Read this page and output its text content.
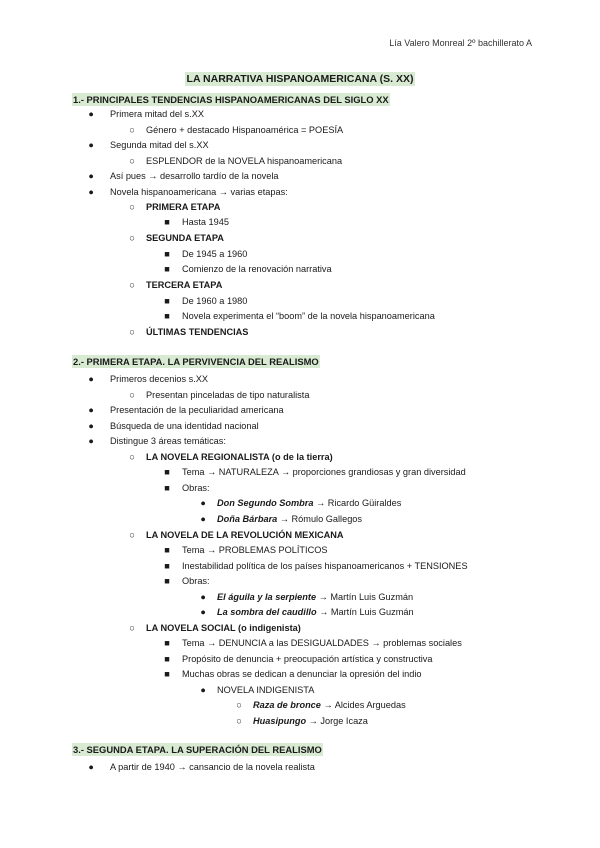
Lía Valero Monreal 2º bachillerato A
LA NARRATIVA HISPANOAMERICANA (S. XX)
1.- PRINCIPALES TENDENCIAS HISPANOAMERICANAS DEL SIGLO XX
● Primera mitad del s.XX
○ Género + destacado Hispanoamérica = POESÍA
● Segunda mitad del s.XX
○ ESPLENDOR de la NOVELA hispanoamericana
● Así pues → desarrollo tardío de la novela
● Novela hispanoamericana → varias etapas:
○ PRIMERA ETAPA
■ Hasta 1945
○ SEGUNDA ETAPA
■ De 1945 a 1960
■ Comienzo de la renovación narrativa
○ TERCERA ETAPA
■ De 1960 a 1980
■ Novela experimenta el “boom” de la novela hispanoamericana
○ ÚLTIMAS TENDENCIAS
2.- PRIMERA ETAPA. LA PERVIVENCIA DEL REALISMO
● Primeros decenios s.XX
○ Presentan pinceladas de tipo naturalista
● Presentación de la peculiaridad americana
● Búsqueda de una identidad nacional
● Distingue 3 áreas temáticas:
○ LA NOVELA REGIONALISTA (o de la tierra)
■ Tema → NATURALEZA → proporciones grandiosas y gran diversidad
■ Obras:
● Don Segundo Sombra → Ricardo Güiraldes
● Doña Bárbara → Rómulo Gallegos
○ LA NOVELA DE LA REVOLUCIÓN MEXICANA
■ Tema → PROBLEMAS POLÍTICOS
■ Inestabilidad política de los países hispanoamericanos + TENSIONES
■ Obras:
● El águila y la serpiente → Martín Luis Guzmán
● La sombra del caudillo → Martín Luis Guzmán
○ LA NOVELA SOCIAL (o indigenista)
■ Tema → DENUNCIA a las DESIGUALDADES → problemas sociales
■ Propósito de denuncia + preocupación artística y constructiva
■ Muchas obras se dedican a denunciar la opresión del indio
● NOVELA INDIGENISTA
○ Raza de bronce → Alcides Arguedas
○ Huasipungo → Jorge Icaza
3.- SEGUNDA ETAPA. LA SUPERACIÓN DEL REALISMO
● A partir de 1940 → cansancio de la novela realista
